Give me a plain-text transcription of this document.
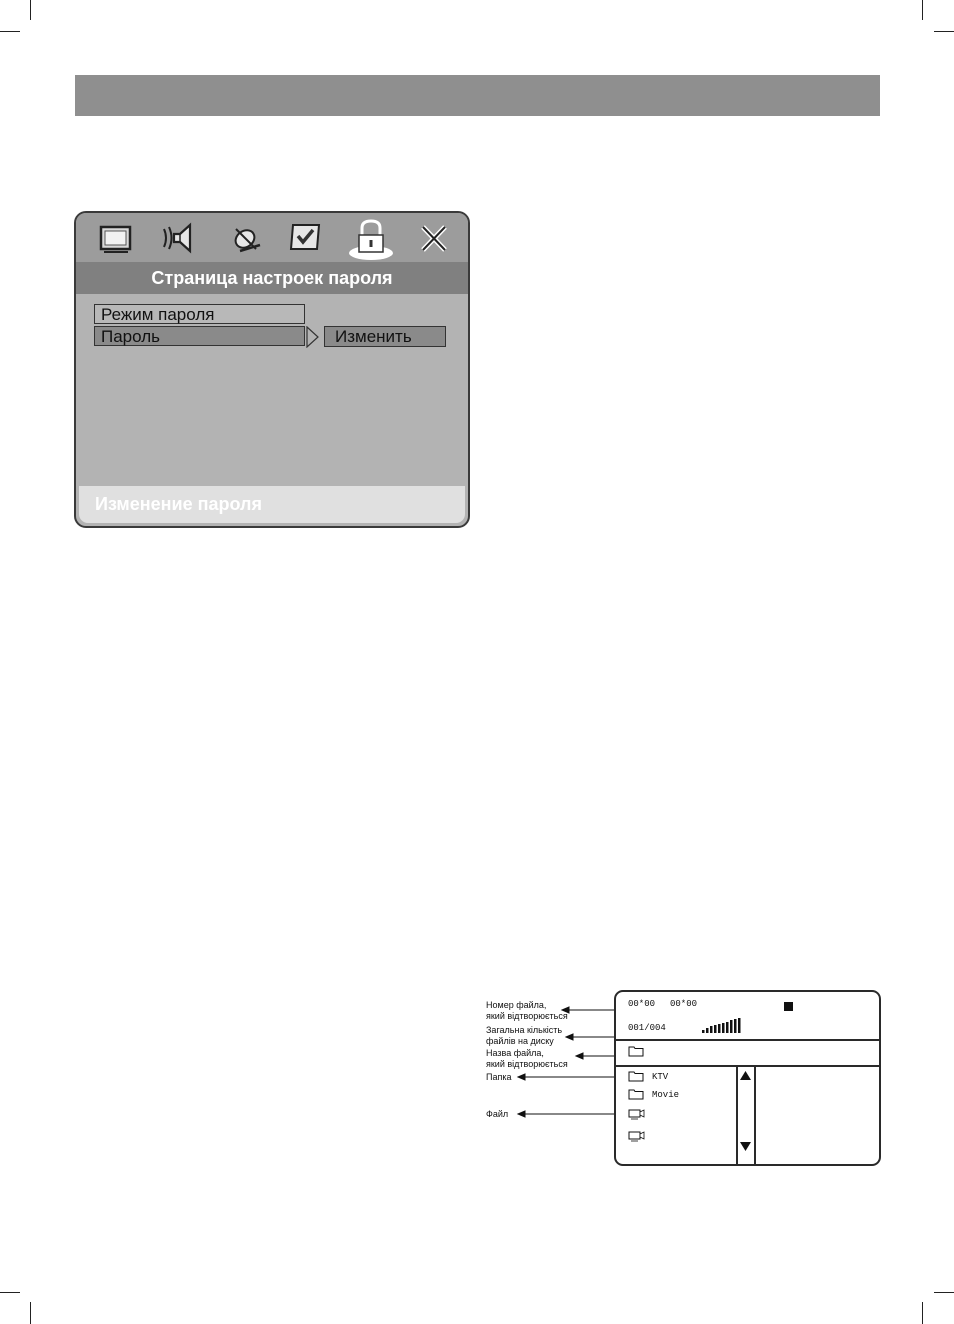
Страница настроек пароля
Режим пароля
Пароль	Изменить
Изменение пароля
Номер файла,
який відтворюється
Загальна кількість
файлів на диску
Назва файла,
який відтворюється
Папка
Файл
00*00 00*00
001/004
KTV
Movie
